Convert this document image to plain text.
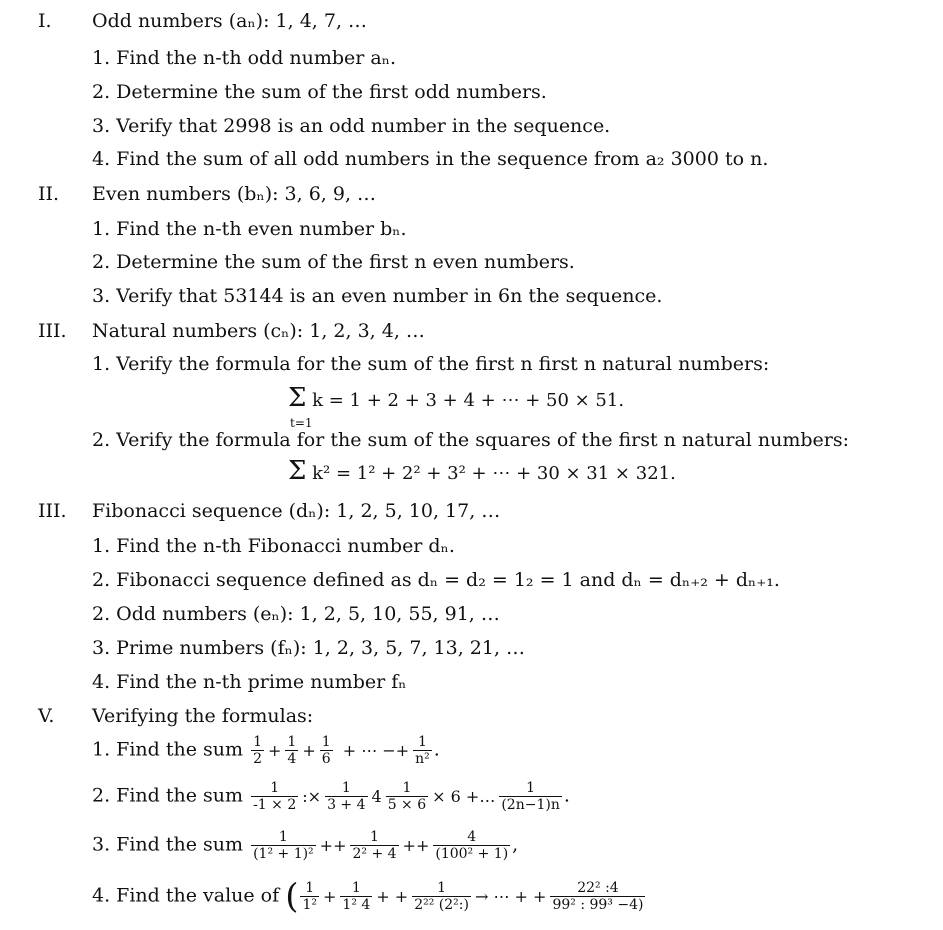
I. Odd numbers (aₙ): 1, 4, 7, …
1. Find the n-th odd number aₙ.
2. Determine the sum of the first odd numbers.
3. Verify that 2998 is an odd number in the sequence.
4. Find the sum of all odd numbers in the sequence from a₂ 3000 to n.
II. Even numbers (bₙ): 3, 6, 9, …
1. Find the n-th even number bₙ.
2. Determine the sum of the first n even numbers.
3. Verify that 53144 is an even number in 6n the sequence.
III. Natural numbers (cₙ): 1, 2, 3, 4, …
1. Verify the formula for the sum of the first n first n natural numbers:
Σ k = 1 + 2 + 3 + 4 + ⋯ + 50 × 51.
t=1
2. Verify the formula for the sum of the squares of the first n natural numbers:
Σ k² = 1² + 2² + 3² + ⋯ + 30 × 31 × 321.
III. Fibonacci sequence (dₙ): 1, 2, 5, 10, 17, …
1. Find the n-th Fibonacci number dₙ.
2. Fibonacci sequence defined as dₙ = d₂ = 1₂ = 1 and dₙ = dₙ₊₂ + dₙ₊₁.
2. Odd numbers (eₙ): 1, 2, 5, 10, 55, 91, …
3. Prime numbers (fₙ): 1, 2, 3, 5, 7, 13, 21, …
4. Find the n-th prime number fₙ
V. Verifying the formulas:
1. Find the sum $\frac{1}{2} + \frac{1}{4} + \frac{1}{6}$ + ⋯ −+ $\frac{1}{\text{n²}}$ .
2. Find the sum $\frac{1}{-1 \times 2}$ :× $\frac{1}{3 + 4} 4 \frac{1}{5 \times 6} \times 6$ +… $\frac{1}{(2n-1)n}$ .
3. Find the sum $\frac{1}{\text{(1² + 1)²}} ++ \frac{1}{\text{2² + 4}} ++ \frac{4}{\text{(100² + 1)}}$ ,
4. Find the value of ( $\frac{1}{\text{1²}} + \frac{1}{\text{1² 4}}$ + + $\frac{1}{\text{2²² (2²:)}}$ → ⋯ + + $\frac{\text{22² :4}}{\text{99² : 99³ −4)}}$
